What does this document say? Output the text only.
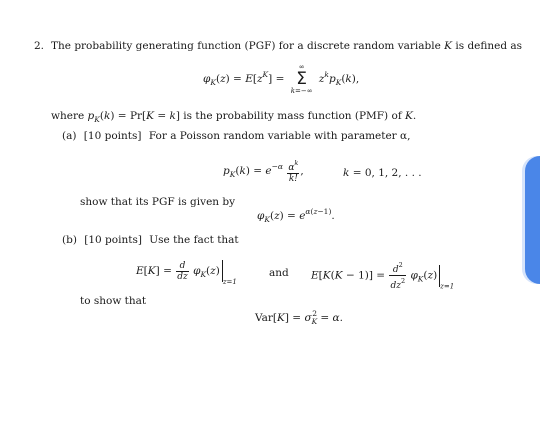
2. The probability generating function (PGF) for a discrete random variable K is defined as
$\varphi_K(z) = E[z^K]$ =
∞
Σ
k=−∞
$z^kp_K(k)$,
where $p_K(k) = Pr[K = k]$ is the probability mass function (PMF) of K.
(a) [10 points] For a Poisson random variable with parameter α,
$p_K(k) = e^{-\alpha} \frac{\alpha^k}{k!}$ ,	k = 0, 1, 2, . . .
show that its PGF is given by
$\varphi_K(z) = e^{\alpha(z-1)}$.
(b) [10 points] Use the fact that
$E[K] = \frac{d}{dz} \varphi_K(z)_{z=1}$
and $E[K(K - 1)] = \frac{d^2}{dz^2} \varphi_K(z)_{z=1}$
to show that
$Var[K] = \sigma_K^2 = \alpha$.
